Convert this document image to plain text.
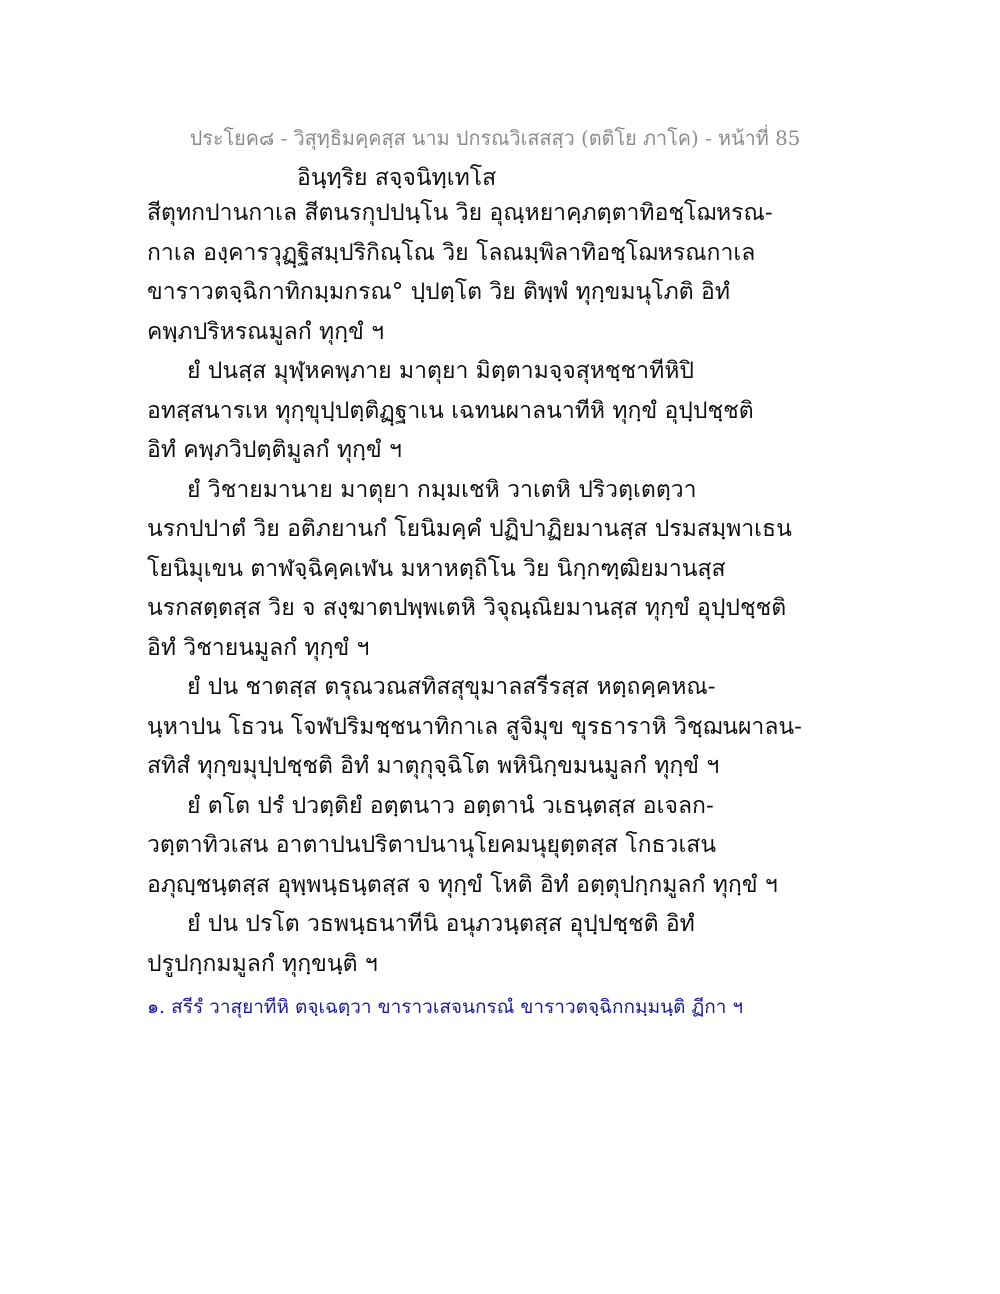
ประโยค๘ - วิสุทฺธิมคฺคสฺส นาม ปกรณวิเสสสฺว (ตติโย ภาโค) - หน้าที่ 85
อินฺทฺริย สจฺจนิทฺเทโส
สีตุทกปานกาเล สีตนรกุปปนฺโน วิย อุณฺหยาคฺภตฺตาทิอชฺโฌหรณ-
กาเล องฺคารวุฏฺฐิสมฺปริกิณฺโณ วิย โลณมฺพิลาทิอชฺโฌหรณกาเล
ขาราวตจฺฉิกาทิกมฺมกรณ° ปฺปตฺโต วิย ติพฺพํ ทุกฺขมนุโภติ อิทํ
คพฺภปริหรณมูลกํ ทุกฺขํ ฯ
ยํ ปนสฺส มุฬฺหคพฺภาย มาตุยา มิตฺตามจฺจสุหชฺชาทีหิปิ
อทสฺสนารเห ทุกฺขุปฺปตฺติฏฺฐาเน เฉทนผาลนาทีหิ ทุกฺขํ อุปฺปชฺชติ
อิทํ คพฺภวิปตฺติมูลกํ ทุกฺขํ ฯ
ยํ วิชายมานาย มาตุยา กมฺมเชหิ วาเตหิ ปริวตฺเตตฺวา
นรกปปาตํ วิย อติภยานกํ โยนิมคฺคํ ปฏิปาฏิยมานสฺส ปรมสมฺพาเธน
โยนิมุเขน ตาฬจฺฉิคฺคเฬน มหาหตฺถิโน วิย นิกฺกฑฺฒิยมานสฺส
นรกสตฺตสฺส วิย จ สงฺฆาตปพฺพเตหิ วิจุณฺณิยมานสฺส ทุกฺขํ อุปฺปชฺชติ
อิทํ วิชายนมูลกํ ทุกฺขํ ฯ
ยํ ปน ชาตสฺส ตรุณวณสทิสสุขุมาลสรีรสฺส หตฺถคฺคหณ-
นฺหาปน โธวน โจฬปริมชฺชนาทิกาเล สูจิมุข ขุรธาราหิ วิชฺฌนผาลน-
สทิสํ ทุกฺขมุปฺปชฺชติ อิทํ มาตุกุจฺฉิโต พหินิกฺขมนมูลกํ ทุกฺขํ ฯ
ยํ ตโต ปรํ ปวตฺติยํ อตฺตนาว อตฺตานํ วเธนฺตสฺส อเจลก-
วตฺตาทิวเสน อาตาปนปริตาปนานุโยคมนุยุตฺตสฺส โกธวเสน
อภุญฺชนฺตสฺส อุพฺพนฺธนฺตสฺส จ ทุกฺขํ โหติ อิทํ อตฺตุปกฺกมูลกํ ทุกฺขํ ฯ
ยํ ปน ปรโต วธพนฺธนาทีนิ อนุภวนฺตสฺส อุปฺปชฺชติ อิทํ
ปรูปกฺกมมูลกํ ทุกฺขนฺติ ฯ
๑. สรีรํ วาสุยาทีหิ ตจฺเฉตฺวา ขาราวเสจนกรณํ ขาราวตจฺฉิกกมฺมนฺติ ฏีกา ฯ
